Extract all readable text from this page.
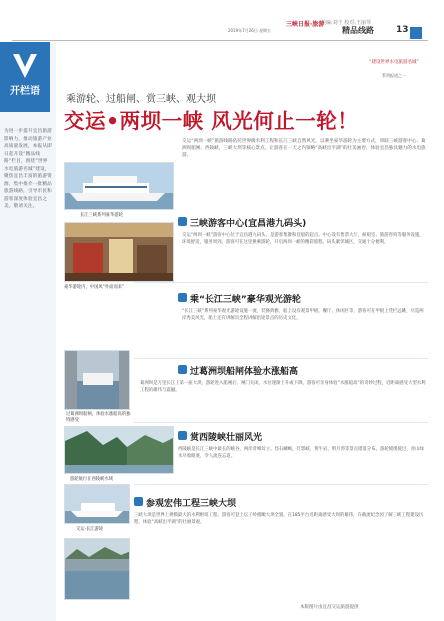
三峡日报·旅游
美编:刘干 校对:王丽琴
2019年7月26日 星期五	精品线路 13
开栏语
为进一步提升宜昌旅游影响力，推动旅游产业高质量发展，本报从即日起开设“精品线路”栏目，围绕“世界水电旅游名城”建设，聚焦宜昌丰富的旅游资源，集中推介一批精品旅游线路，引导市民和游客深度体验宜昌之美。敬请关注。
“建设世界水电旅游名城”
系列报道之一
乘游轮、过船闸、赏三峡、观大坝
交运•两坝一峡 风光何止一轮！
交运“两坝一峡”旅游线路依托世界级水利工程和长江三峡自然风光，以乘坐豪华游轮为主要方式，串联三峡游客中心、葛洲坝船闸、西陵峡、三峡大坝等核心景点，让游客在一天之内领略“高峡出平湖”的壮美画卷，体验宜昌独具魅力的水电旅游。
长江三峡系列豪华游轮
豪华游轮内，中国风“扑面而来”
三峡游客中心(宜昌港九码头)
交运“两坝一峡”游客中心位于宜昌港九码头，是游客集散和登船的起点。中心设有售票大厅、候船室、旅游咨询等服务设施，环境舒适，服务周到。游客可在这里换乘游轮，开启两坝一峡的精彩旅程。码头紧邻城区，交通十分便利。
乘“长江三峡”豪华观光游轮
“长江三峡”系列豪华观光游轮设施一流，装修典雅，船上设有观景甲板、餐厅、休闲区等，游客可在甲板上凭栏远眺，尽览两岸秀美风光，船上还有讲解员全程讲解沿途景点的历史文化。
过葛洲坝船闸，体验水涨船高的独特感受
过葛洲坝船闸体验水涨船高
葛洲坝是万里长江上第一座大坝，游轮进入船闸后，闸门关闭，水位逐渐上升或下降，游客可亲身体验“水涨船高”的奇妙过程，近距离感受大型水利工程的雄伟与震撼。
赏西陵峡壮丽风光
西陵峡是长江三峡中最长的峡谷，两岸奇峰耸立、怪石嶙峋，灯影峡、黄牛岩、明月湾等景点错落分布。游轮缓缓驶过，青山绿水尽收眼底，令人流连忘返。
游轮航行在西陵峡水域
参观宏伟工程三峡大坝
三峡大坝是世界上规模最大的水利枢纽工程。游客可登上坛子岭俯瞰大坝全貌，在185平台近距离感受大坝的雄伟，在截流纪念园了解三峡工程建设历程，体验“高峡出平湖”的壮丽景观。
交运·长江游轮
本版图片由宜昌交运旅游提供
